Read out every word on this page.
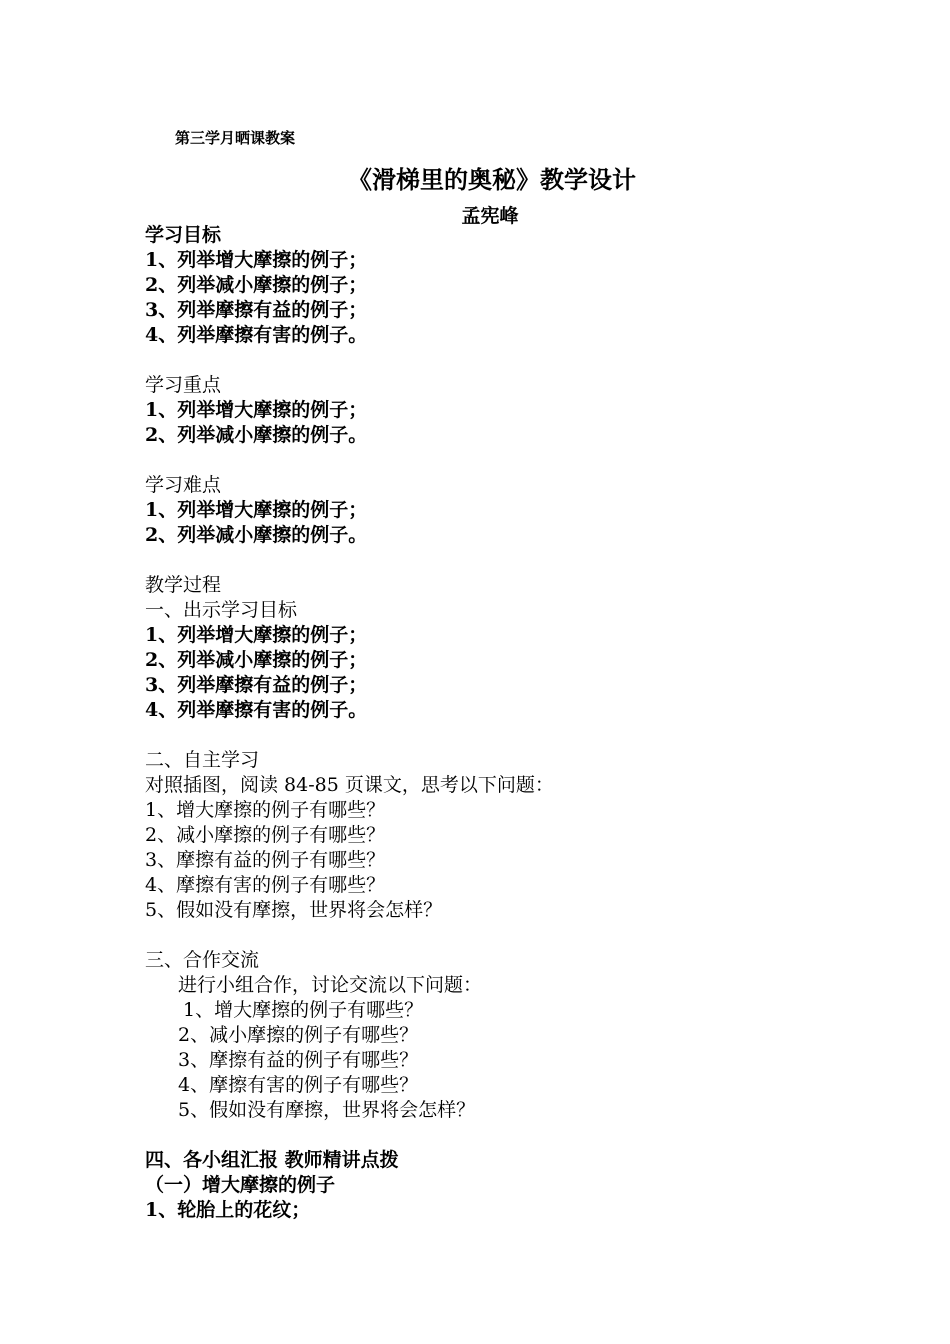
第三学月晒课教案
《滑梯里的奥秘》教学设计
孟宪峰
学习目标
1、列举增大摩擦的例子；
2、列举减小摩擦的例子；
3、列举摩擦有益的例子；
4、列举摩擦有害的例子。
学习重点
1、列举增大摩擦的例子；
2、列举减小摩擦的例子。
学习难点
1、列举增大摩擦的例子；
2、列举减小摩擦的例子。
教学过程
一、出示学习目标
1、列举增大摩擦的例子；
2、列举减小摩擦的例子；
3、列举摩擦有益的例子；
4、列举摩擦有害的例子。
二、自主学习
对照插图，阅读 84-85 页课文，思考以下问题：
1、增大摩擦的例子有哪些？
2、减小摩擦的例子有哪些？
3、摩擦有益的例子有哪些？
4、摩擦有害的例子有哪些？
5、假如没有摩擦，世界将会怎样？
三、合作交流
进行小组合作，讨论交流以下问题：
1、增大摩擦的例子有哪些？
2、减小摩擦的例子有哪些？
3、摩擦有益的例子有哪些？
4、摩擦有害的例子有哪些？
5、假如没有摩擦，世界将会怎样？
四、各小组汇报 教师精讲点拨
（一）增大摩擦的例子
1、轮胎上的花纹；
